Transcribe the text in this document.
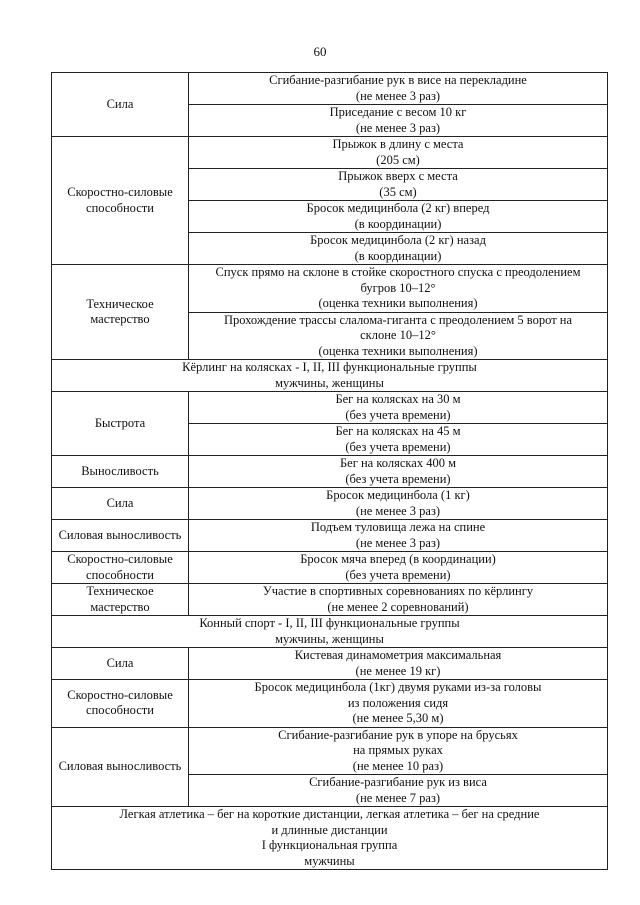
60
Сила	Сгибание-разгибание рук в висе на перекладине
(не менее 3 раз)

	Приседание с весом 10 кг
(не менее 3 раз)

Скоростно-силовые способности	Прыжок в длину с места
(205 см)

	Прыжок вверх с места
(35 см)

	Бросок медицинбола (2 кг) вперед
(в координации)

	Бросок медицинбола (2 кг) назад
(в координации)

Техническое мастерство	Спуск прямо на склоне в стойке скоростного спуска с преодолением
бугров 10–12°
(оценка техники выполнения)

	Прохождение трассы слалома-гиганта с преодолением 5 ворот на
склоне 10–12°
(оценка техники выполнения)

Кёрлинг на колясках - I, II, III функциональные группы
мужчины, женщины	

Быстрота	Бег на колясках на 30 м
(без учета времени)

	Бег на колясках на 45 м
(без учета времени)

Выносливость	Бег на колясках 400 м
(без учета времени)

Сила	Бросок медицинбола (1 кг)
(не менее 3 раз)

Силовая выносливость	Подъем туловища лежа на спине
(не менее 3 раз)

Скоростно-силовые способности	Бросок мяча вперед (в координации)
(без учета времени)

Техническое мастерство	Участие в спортивных соревнованиях по кёрлингу
(не менее 2 соревнований)

Конный спорт - I, II, III функциональные группы
мужчины, женщины	

Сила	Кистевая динамометрия максимальная
(не менее 19 кг)

Скоростно-силовые способности	Бросок медицинбола (1кг) двумя руками из-за головы
из положения сидя
(не менее 5,30 м)

Силовая выносливость	Сгибание-разгибание рук в упоре на брусьях
на прямых руках
(не менее 10 раз)

	Сгибание-разгибание рук из виса
(не менее 7 раз)

Легкая атлетика – бег на короткие дистанции, легкая атлетика – бег на средние
и длинные дистанции
I функциональная группа
мужчины	
